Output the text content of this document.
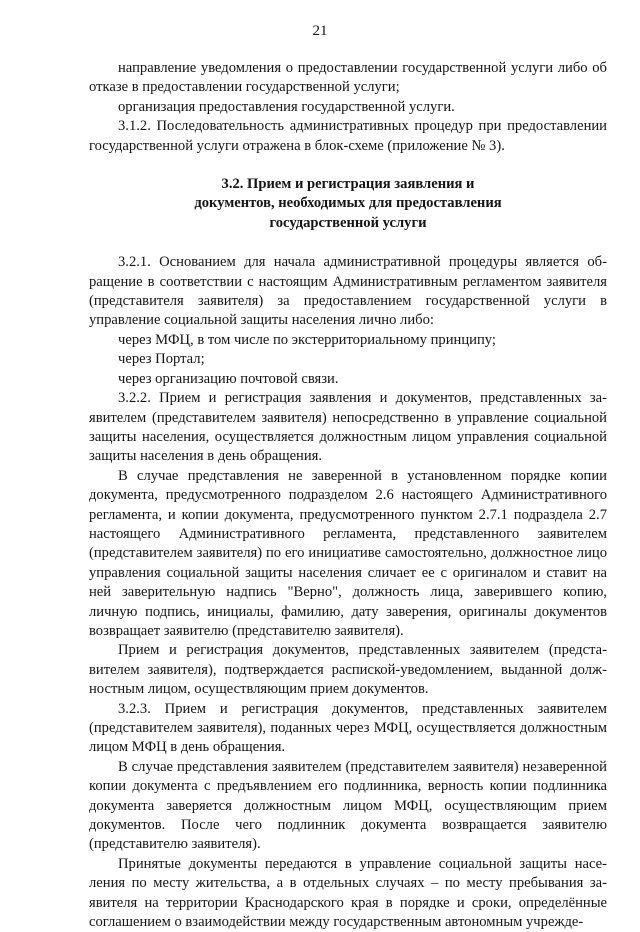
21

направление уведомления о предоставлении государственной услуги либо об отказе в предоставлении государственной услуги;

организация предоставления государственной услуги.

3.1.2. Последовательность административных процедур при предоставлении государственной услуги отражена в блок-схеме (приложение № 3).

3.2. Прием и регистрация заявления и
документов, необходимых для предоставления
государственной услуги

3.2.1. Основанием для начала административной процедуры является обращение в соответствии с настоящим Административным регламентом заявителя (представителя заявителя) за предоставлением государственной услуги в управление социальной защиты населения лично либо:

через МФЦ, в том числе по экстерриториальному принципу;

через Портал;

через организацию почтовой связи.

3.2.2. Прием и регистрация заявления и документов, представленных заявителем (представителем заявителя) непосредственно в управление социальной защиты населения, осуществляется должностным лицом управления социальной защиты населения в день обращения.

В случае представления не заверенной в установленном порядке копии документа, предусмотренного подразделом 2.6 настоящего Административного регламента, и копии документа, предусмотренного пунктом 2.7.1 подраздела 2.7 настоящего Административного регламента, представленного заявителем (представителем заявителя) по его инициативе самостоятельно, должностное лицо управления социальной защиты населения сличает ее с оригиналом и ставит на ней заверительную надпись "Верно", должность лица, заверившего копию, личную подпись, инициалы, фамилию, дату заверения, оригиналы документов возвращает заявителю (представителю заявителя).

Прием и регистрация документов, представленных заявителем (представителем заявителя), подтверждается распиской-уведомлением, выданной должностным лицом, осуществляющим прием документов.

3.2.3. Прием и регистрация документов, представленных заявителем (представителем заявителя), поданных через МФЦ, осуществляется должностным лицом МФЦ в день обращения.

В случае представления заявителем (представителем заявителя) незаверенной копии документа с предъявлением его подлинника, верность копии подлинника документа заверяется должностным лицом МФЦ, осуществляющим прием документов. После чего подлинник документа возвращается заявителю (представителю заявителя).

Принятые документы передаются в управление социальной защиты населения по месту жительства, а в отдельных случаях – по месту пребывания заявителя на территории Краснодарского края в порядке и сроки, определённые соглашением о взаимодействии между государственным автономным учрежде-
